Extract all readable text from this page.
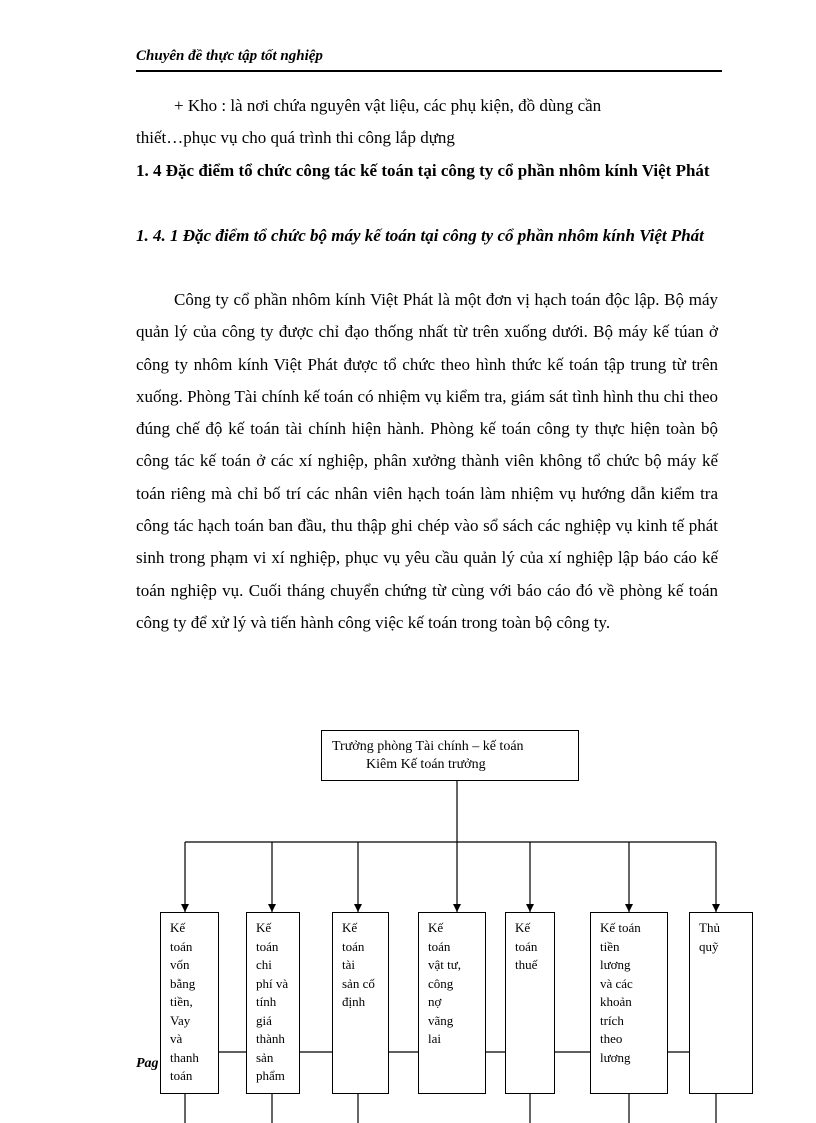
Chuyên đề thực tập tốt nghiệp
+ Kho : là nơi chứa nguyên vật liệu, các phụ kiện, đồ dùng cần
thiết…phục vụ cho quá trình thi công lắp dựng
1. 4 Đặc điểm tổ chức công tác kế toán tại công ty cổ phần nhôm kính Việt Phát
1. 4. 1 Đặc điểm tổ chức bộ máy kế toán tại công ty cổ phần nhôm kính Việt Phát
Công ty cổ phần nhôm kính Việt Phát là một đơn vị hạch toán độc lập. Bộ máy quản lý của công ty được chỉ đạo thống nhất từ trên xuống dưới. Bộ máy kế túan ở công ty nhôm kính Việt Phát được tổ chức theo hình thức kế toán tập trung từ trên xuống. Phòng Tài chính kế toán có nhiệm vụ kiểm tra, giám sát tình hình thu chi theo đúng chế độ kế toán tài chính hiện hành. Phòng kế toán công ty thực hiện toàn bộ công tác kế toán ở các xí nghiệp, phân xưởng thành viên không tổ chức bộ máy kế toán riêng mà chỉ bố trí các nhân viên hạch toán làm nhiệm vụ hướng dẫn kiểm tra công tác hạch toán ban đầu, thu thập ghi chép vào sổ sách các nghiệp vụ kinh tế phát sinh trong phạm vi xí nghiệp, phục vụ yêu cầu quản lý của xí nghiệp lập báo cáo kế toán nghiệp vụ. Cuối tháng chuyển chứng từ cùng với báo cáo đó về phòng kế toán công ty để xử lý và tiến hành công việc kế toán trong toàn bộ công ty.
Pag
Trưởng phòng Tài chính – kế toán
Kiêm Kế toán trưởng
Kế
toán
vốn
bằng
tiền,
Vay
và
thanh
toán
Kế
toán
chi
phí và
tính
giá
thành
sản
phẩm
Kế
toán
tài
sản cố
định
Kế
toán
vật tư,
công
nợ
vãng
lai
Kế
toán
thuế
Kế toán
tiền
lương
và các
khoản
trích
theo
lương
Thủ
quỹ
